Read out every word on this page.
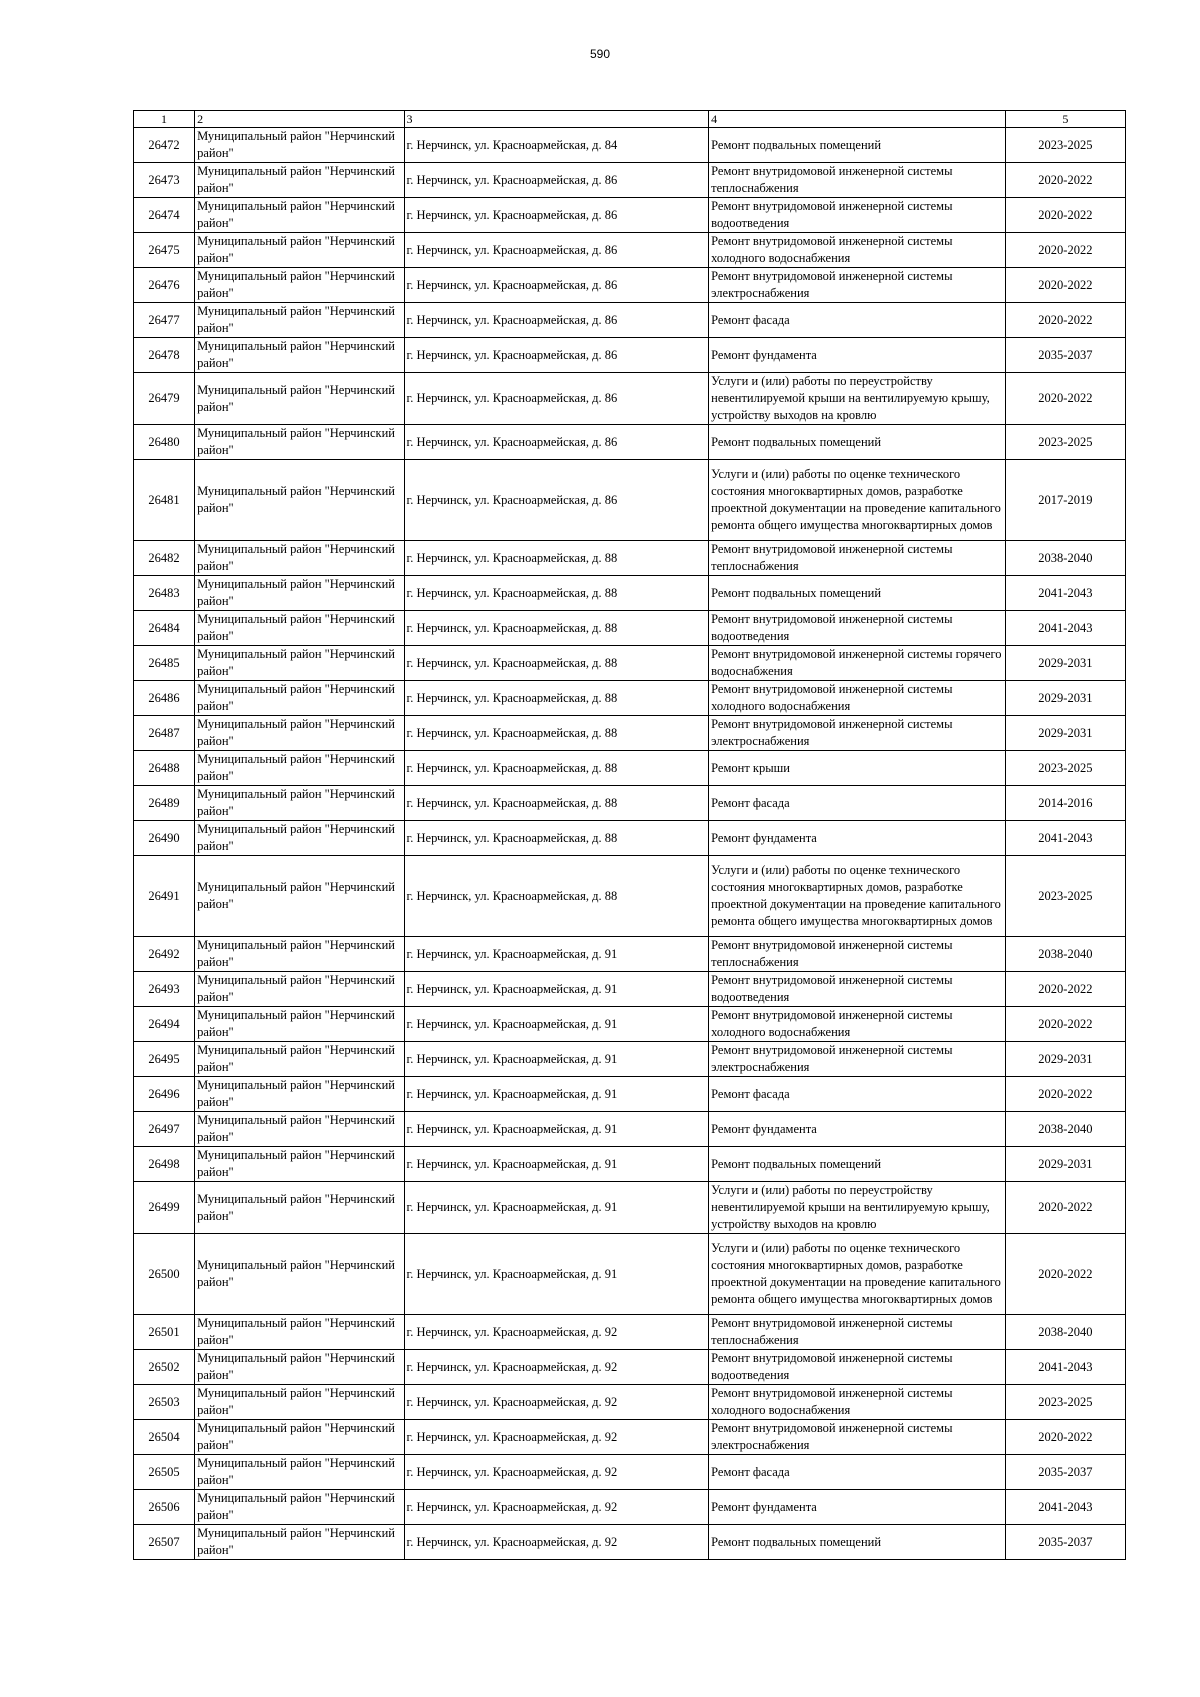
590
1	2	3	4	5
26472	Муниципальный район "Нерчинский район"	г. Нерчинск, ул. Красноармейская, д. 84	Ремонт подвальных помещений	2023-2025
26473	Муниципальный район "Нерчинский район"	г. Нерчинск, ул. Красноармейская, д. 86	Ремонт внутридомовой инженерной системы теплоснабжения	2020-2022
26474	Муниципальный район "Нерчинский район"	г. Нерчинск, ул. Красноармейская, д. 86	Ремонт внутридомовой инженерной системы водоотведения	2020-2022
26475	Муниципальный район "Нерчинский район"	г. Нерчинск, ул. Красноармейская, д. 86	Ремонт внутридомовой инженерной системы холодного водоснабжения	2020-2022
26476	Муниципальный район "Нерчинский район"	г. Нерчинск, ул. Красноармейская, д. 86	Ремонт внутридомовой инженерной системы электроснабжения	2020-2022
26477	Муниципальный район "Нерчинский район"	г. Нерчинск, ул. Красноармейская, д. 86	Ремонт фасада	2020-2022
26478	Муниципальный район "Нерчинский район"	г. Нерчинск, ул. Красноармейская, д. 86	Ремонт фундамента	2035-2037
26479	Муниципальный район "Нерчинский район"	г. Нерчинск, ул. Красноармейская, д. 86	Услуги и (или) работы по переустройству невентилируемой крыши на вентилируемую крышу, устройству выходов на кровлю	2020-2022
26480	Муниципальный район "Нерчинский район"	г. Нерчинск, ул. Красноармейская, д. 86	Ремонт подвальных помещений	2023-2025
26481	Муниципальный район "Нерчинский район"	г. Нерчинск, ул. Красноармейская, д. 86	Услуги и (или) работы по оценке технического состояния многоквартирных домов, разработке проектной документации на проведение капитального ремонта общего имущества многоквартирных домов	2017-2019
26482	Муниципальный район "Нерчинский район"	г. Нерчинск, ул. Красноармейская, д. 88	Ремонт внутридомовой инженерной системы теплоснабжения	2038-2040
26483	Муниципальный район "Нерчинский район"	г. Нерчинск, ул. Красноармейская, д. 88	Ремонт подвальных помещений	2041-2043
26484	Муниципальный район "Нерчинский район"	г. Нерчинск, ул. Красноармейская, д. 88	Ремонт внутридомовой инженерной системы водоотведения	2041-2043
26485	Муниципальный район "Нерчинский район"	г. Нерчинск, ул. Красноармейская, д. 88	Ремонт внутридомовой инженерной системы горячего водоснабжения	2029-2031
26486	Муниципальный район "Нерчинский район"	г. Нерчинск, ул. Красноармейская, д. 88	Ремонт внутридомовой инженерной системы холодного водоснабжения	2029-2031
26487	Муниципальный район "Нерчинский район"	г. Нерчинск, ул. Красноармейская, д. 88	Ремонт внутридомовой инженерной системы электроснабжения	2029-2031
26488	Муниципальный район "Нерчинский район"	г. Нерчинск, ул. Красноармейская, д. 88	Ремонт крыши	2023-2025
26489	Муниципальный район "Нерчинский район"	г. Нерчинск, ул. Красноармейская, д. 88	Ремонт фасада	2014-2016
26490	Муниципальный район "Нерчинский район"	г. Нерчинск, ул. Красноармейская, д. 88	Ремонт фундамента	2041-2043
26491	Муниципальный район "Нерчинский район"	г. Нерчинск, ул. Красноармейская, д. 88	Услуги и (или) работы по оценке технического состояния многоквартирных домов, разработке проектной документации на проведение капитального ремонта общего имущества многоквартирных домов	2023-2025
26492	Муниципальный район "Нерчинский район"	г. Нерчинск, ул. Красноармейская, д. 91	Ремонт внутридомовой инженерной системы теплоснабжения	2038-2040
26493	Муниципальный район "Нерчинский район"	г. Нерчинск, ул. Красноармейская, д. 91	Ремонт внутридомовой инженерной системы водоотведения	2020-2022
26494	Муниципальный район "Нерчинский район"	г. Нерчинск, ул. Красноармейская, д. 91	Ремонт внутридомовой инженерной системы холодного водоснабжения	2020-2022
26495	Муниципальный район "Нерчинский район"	г. Нерчинск, ул. Красноармейская, д. 91	Ремонт внутридомовой инженерной системы электроснабжения	2029-2031
26496	Муниципальный район "Нерчинский район"	г. Нерчинск, ул. Красноармейская, д. 91	Ремонт фасада	2020-2022
26497	Муниципальный район "Нерчинский район"	г. Нерчинск, ул. Красноармейская, д. 91	Ремонт фундамента	2038-2040
26498	Муниципальный район "Нерчинский район"	г. Нерчинск, ул. Красноармейская, д. 91	Ремонт подвальных помещений	2029-2031
26499	Муниципальный район "Нерчинский район"	г. Нерчинск, ул. Красноармейская, д. 91	Услуги и (или) работы по переустройству невентилируемой крыши на вентилируемую крышу, устройству выходов на кровлю	2020-2022
26500	Муниципальный район "Нерчинский район"	г. Нерчинск, ул. Красноармейская, д. 91	Услуги и (или) работы по оценке технического состояния многоквартирных домов, разработке проектной документации на проведение капитального ремонта общего имущества многоквартирных домов	2020-2022
26501	Муниципальный район "Нерчинский район"	г. Нерчинск, ул. Красноармейская, д. 92	Ремонт внутридомовой инженерной системы теплоснабжения	2038-2040
26502	Муниципальный район "Нерчинский район"	г. Нерчинск, ул. Красноармейская, д. 92	Ремонт внутридомовой инженерной системы водоотведения	2041-2043
26503	Муниципальный район "Нерчинский район"	г. Нерчинск, ул. Красноармейская, д. 92	Ремонт внутридомовой инженерной системы холодного водоснабжения	2023-2025
26504	Муниципальный район "Нерчинский район"	г. Нерчинск, ул. Красноармейская, д. 92	Ремонт внутридомовой инженерной системы электроснабжения	2020-2022
26505	Муниципальный район "Нерчинский район"	г. Нерчинск, ул. Красноармейская, д. 92	Ремонт фасада	2035-2037
26506	Муниципальный район "Нерчинский район"	г. Нерчинск, ул. Красноармейская, д. 92	Ремонт фундамента	2041-2043
26507	Муниципальный район "Нерчинский район"	г. Нерчинск, ул. Красноармейская, д. 92	Ремонт подвальных помещений	2035-2037
